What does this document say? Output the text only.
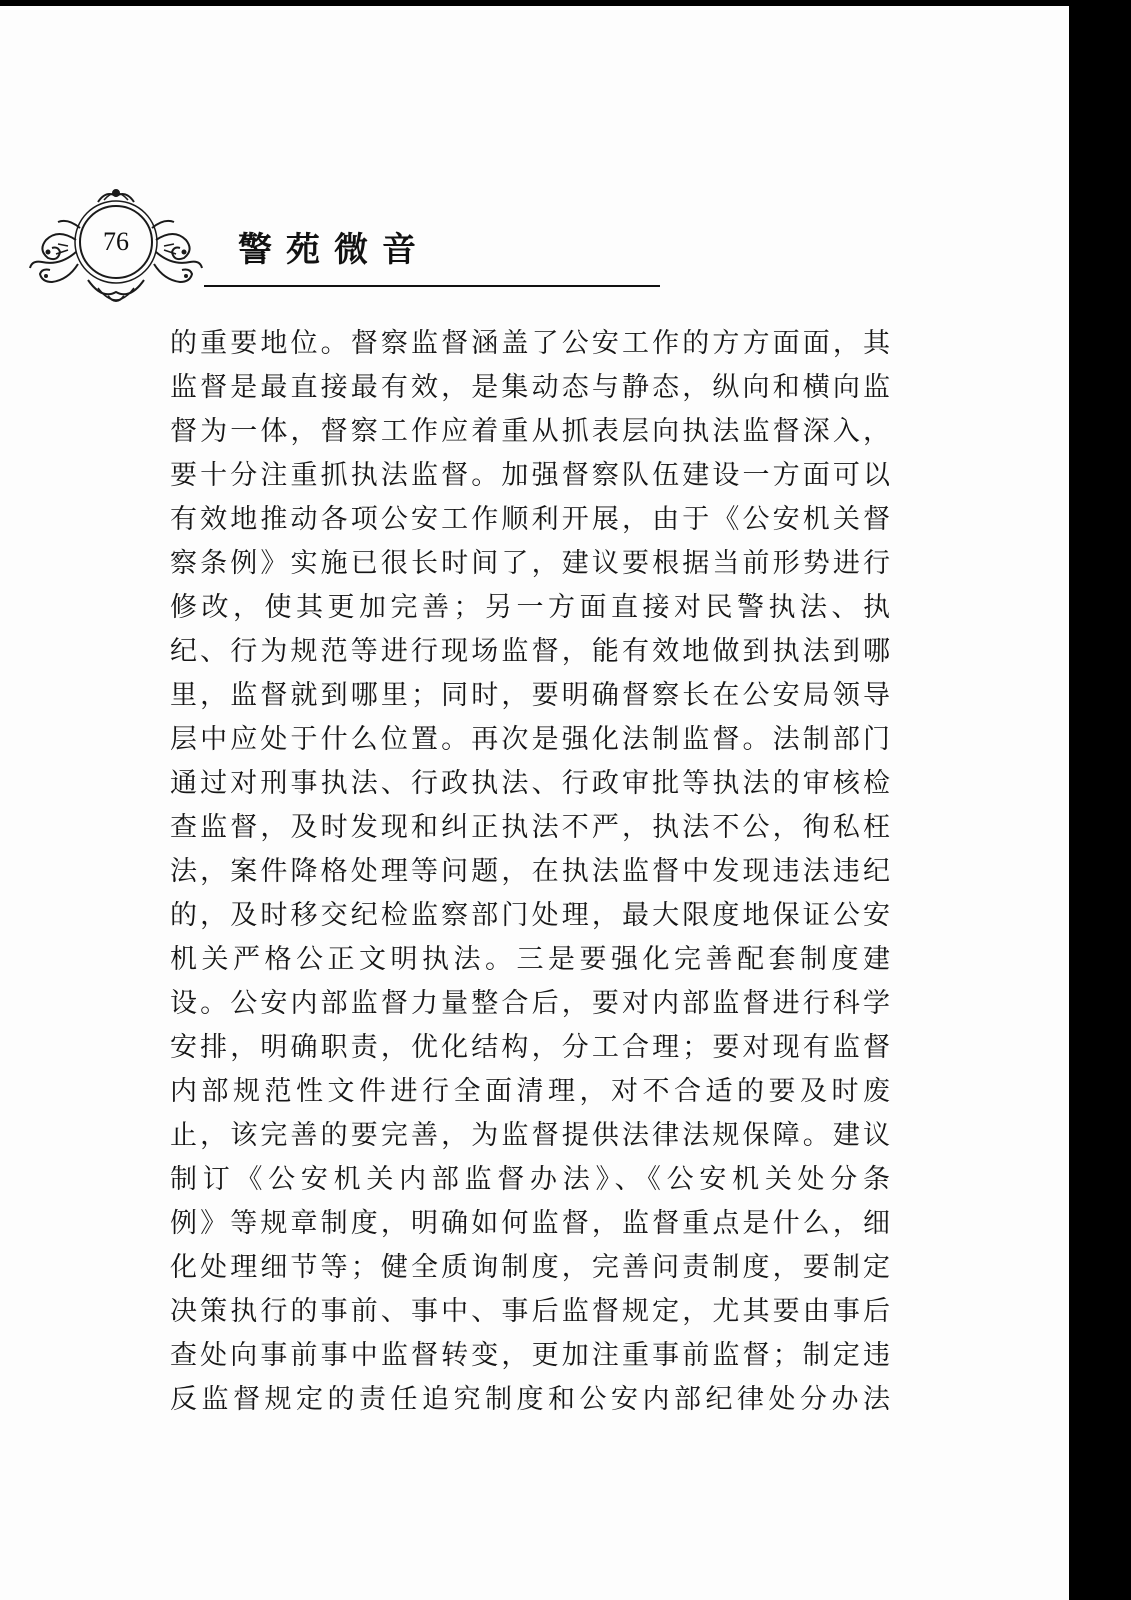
76	警苑微音
的重要地位。督察监督涵盖了公安工作的方方面面，其
监督是最直接最有效，是集动态与静态，纵向和横向监
督为一体，督察工作应着重从抓表层向执法监督深入，
要十分注重抓执法监督。加强督察队伍建设一方面可以
有效地推动各项公安工作顺利开展，由于《公安机关督
察条例》实施已很长时间了，建议要根据当前形势进行
修改，使其更加完善；另一方面直接对民警执法、执
纪、行为规范等进行现场监督，能有效地做到执法到哪
里，监督就到哪里；同时，要明确督察长在公安局领导
层中应处于什么位置。再次是强化法制监督。法制部门
通过对刑事执法、行政执法、行政审批等执法的审核检
查监督，及时发现和纠正执法不严，执法不公，徇私枉
法，案件降格处理等问题，在执法监督中发现违法违纪
的，及时移交纪检监察部门处理，最大限度地保证公安
机关严格公正文明执法。三是要强化完善配套制度建
设。公安内部监督力量整合后，要对内部监督进行科学
安排，明确职责，优化结构，分工合理；要对现有监督
内部规范性文件进行全面清理，对不合适的要及时废
止，该完善的要完善，为监督提供法律法规保障。建议
制订《公安机关内部监督办法》、《公安机关处分条
例》等规章制度，明确如何监督，监督重点是什么，细
化处理细节等；健全质询制度，完善问责制度，要制定
决策执行的事前、事中、事后监督规定，尤其要由事后
查处向事前事中监督转变，更加注重事前监督；制定违
反监督规定的责任追究制度和公安内部纪律处分办法
